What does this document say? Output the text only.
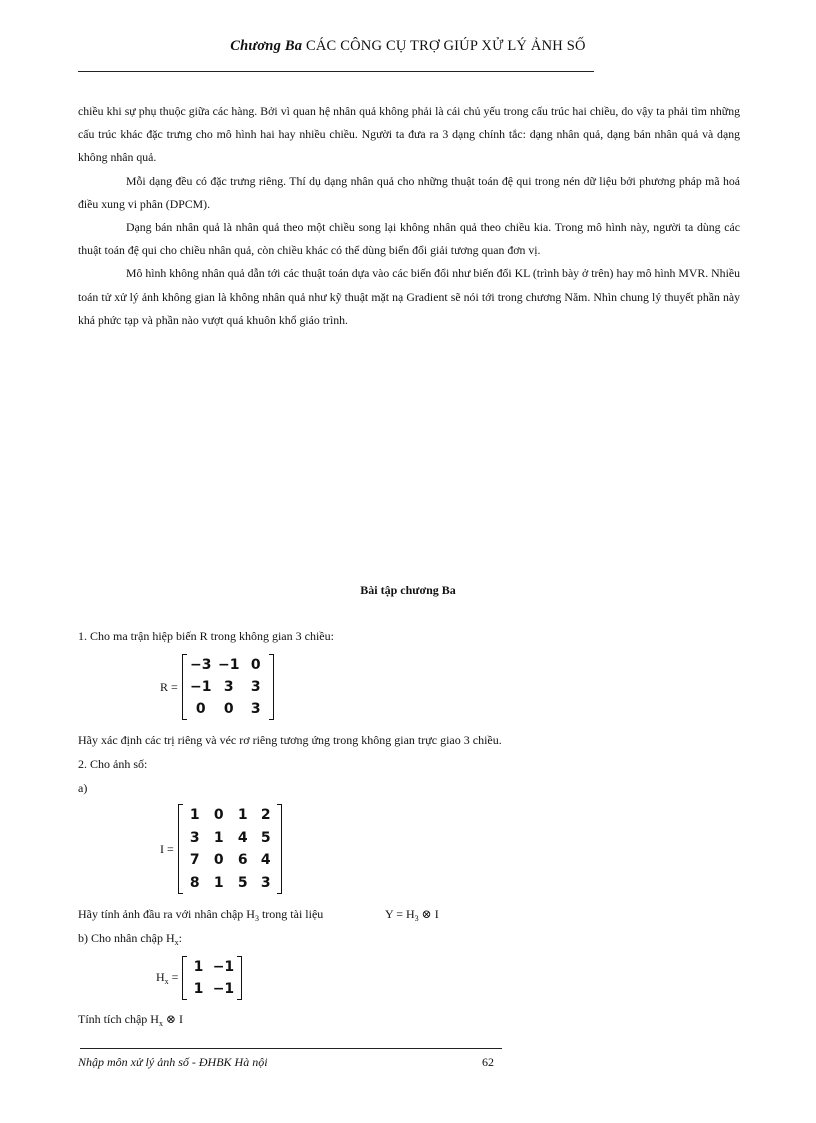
Chương Ba CÁC CÔNG CỤ TRỢ GIÚP XỬ LÝ ẢNH SỐ

chiều khi sự phụ thuộc giữa các hàng. Bởi vì quan hệ nhân quả không phải là cái chủ yếu trong cấu trúc hai chiều, do vậy ta phải tìm những cấu trúc khác đặc trưng cho mô hình hai hay nhiều chiều. Người ta đưa ra 3 dạng chính tắc: dạng nhân quả, dạng bán nhân quả và dạng không nhân quả.

Mỗi dạng đều có đặc trưng riêng. Thí dụ dạng nhân quả cho những thuật toán đệ qui trong nén dữ liệu bởi phương pháp mã hoá điều xung vi phân (DPCM).

Dạng bán nhân quả là nhân quả theo một chiều song lại không nhân quả theo chiều kia. Trong mô hình này, người ta dùng các thuật toán đệ qui cho chiều nhân quả, còn chiều khác có thể dùng biến đổi giải tương quan đơn vị.

Mô hình không nhân quả dẫn tới các thuật toán dựa vào các biến đổi như biến đổi KL (trình bày ở trên) hay mô hình MVR. Nhiều toán tử xử lý ảnh không gian là không nhân quả như kỹ thuật mặt nạ Gradient sẽ nói tới trong chương Năm. Nhìn chung lý thuyết phần này khá phức tạp và phần nào vượt quá khuôn khổ giáo trình.

Bài tập chương Ba
1. Cho ma trận hiệp biến R trong không gian 3 chiều:
R =
−3 −1 0
−1 3	3
0	0	3
Hãy xác định các trị riêng và véc rơ riêng tương ứng trong không gian trực giao 3 chiều.
2. Cho ảnh số:
a)
I =
1	0	1 2
3	1	4 5
7	0	6 4
8	1	5 3
Hãy tính ảnh đầu ra với nhân chập $H_3$ trong tài liệu	$Y = H_3$ ⊗ I
b) Cho nhân chập $H_x$:
$H_x$ =
1 −1
1 −1
Tính tích chập $H_x$ ⊗ I
Nhập môn xử lý ảnh số - ĐHBK Hà nội	62
